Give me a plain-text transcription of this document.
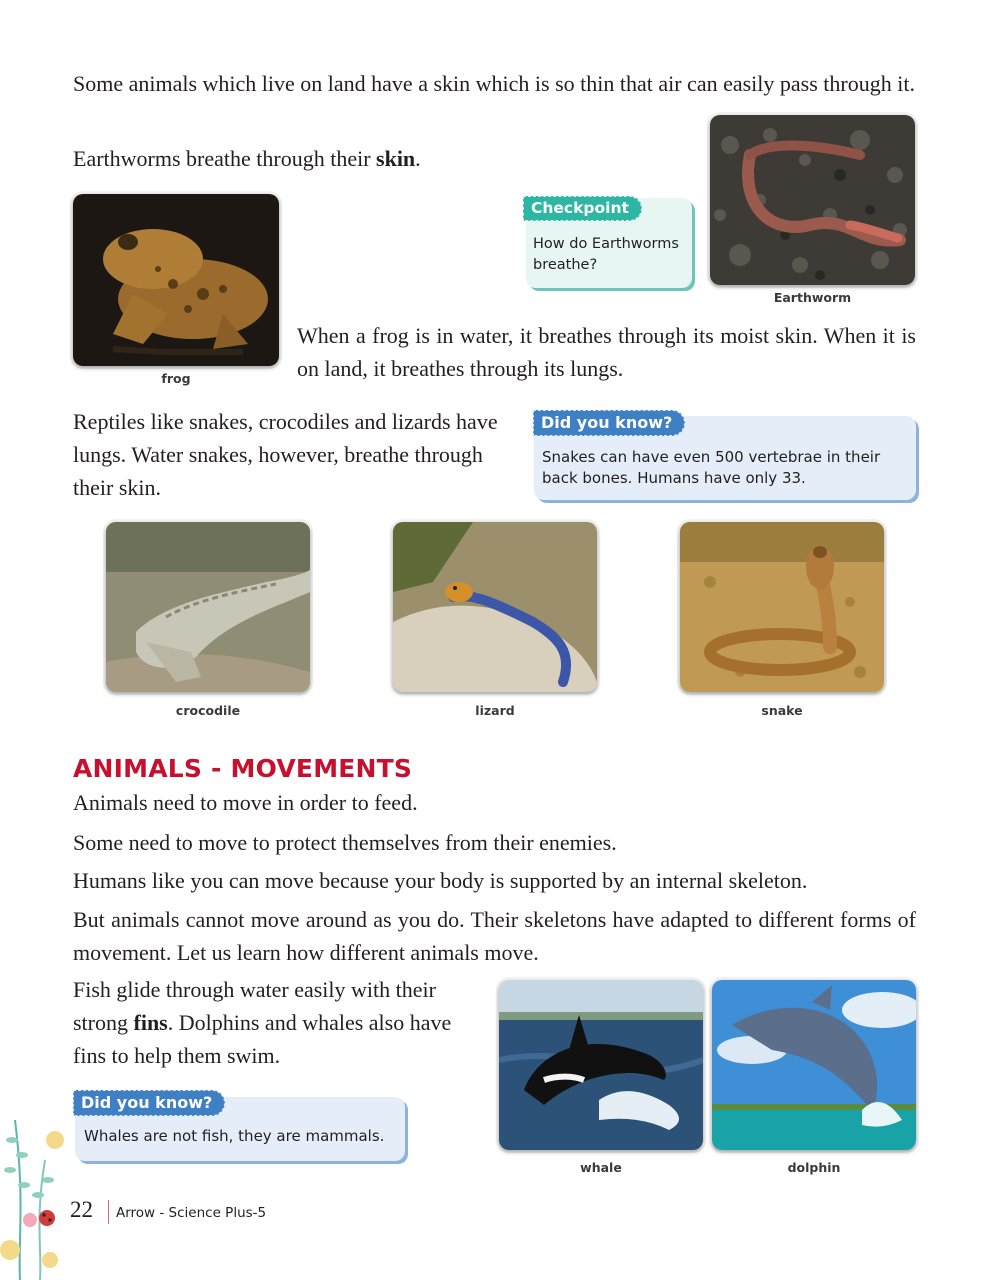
Some animals which live on land have a skin which is so thin that air can easily pass through it.

Earthworms breathe through their skin.

Earthworm

Checkpoint

How do Earthworms breathe?

frog

When a frog is in water, it breathes through its moist skin. When it is on land, it breathes through its lungs.

Reptiles like snakes, crocodiles and lizards have lungs. Water snakes, however, breathe through their skin.

Did you know?

Snakes can have even 500 vertebrae in their back bones. Humans have only 33.

crocodile	lizard	snake

ANIMALS - MOVEMENTS

Animals need to move in order to feed.

Some need to move to protect themselves from their enemies.

Humans like you can move because your body is supported by an internal skeleton.

But animals cannot move around as you do. Their skeletons have adapted to different forms of movement. Let us learn how different animals move.

Fish glide through water easily with their strong fins. Dolphins and whales also have fins to help them swim.

whale	dolphin

Did you know?

Whales are not fish, they are mammals.

22 Arrow - Science Plus-5
